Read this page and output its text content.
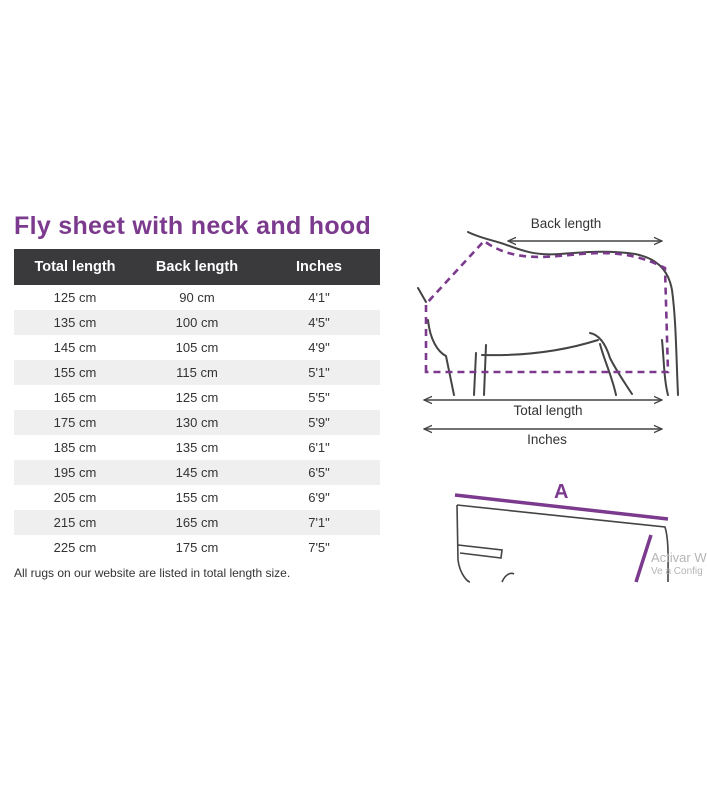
Fly sheet with neck and hood
Total length	Back length	Inches
125 cm	90 cm	4'1"
135 cm	100 cm	4'5"
145 cm	105 cm	4'9"
155 cm	115 cm	5'1"
165 cm	125 cm	5'5"
175 cm	130 cm	5'9"
185 cm	135 cm	6'1"
195 cm	145 cm	6'5"
205 cm	155 cm	6'9"
215 cm	165 cm	7'1"
225 cm	175 cm	7'5"
All rugs on our website are listed in total length size.
Back length
Total length
Inches
A
Activar W
Ve a Config
